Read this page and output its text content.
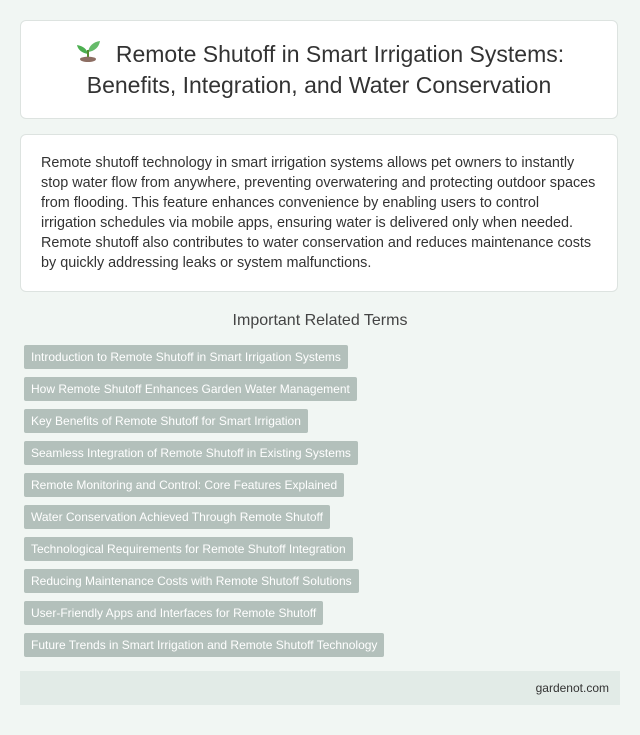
Remote Shutoff in Smart Irrigation Systems: Benefits, Integration, and Water Conservation

Remote shutoff technology in smart irrigation systems allows pet owners to instantly stop water flow from anywhere, preventing overwatering and protecting outdoor spaces from flooding. This feature enhances convenience by enabling users to control irrigation schedules via mobile apps, ensuring water is delivered only when needed. Remote shutoff also contributes to water conservation and reduces maintenance costs by quickly addressing leaks or system malfunctions.

Important Related Terms
Introduction to Remote Shutoff in Smart Irrigation Systems
How Remote Shutoff Enhances Garden Water Management
Key Benefits of Remote Shutoff for Smart Irrigation
Seamless Integration of Remote Shutoff in Existing Systems
Remote Monitoring and Control: Core Features Explained
Water Conservation Achieved Through Remote Shutoff
Technological Requirements for Remote Shutoff Integration
Reducing Maintenance Costs with Remote Shutoff Solutions
User-Friendly Apps and Interfaces for Remote Shutoff
Future Trends in Smart Irrigation and Remote Shutoff Technology
gardenot.com
